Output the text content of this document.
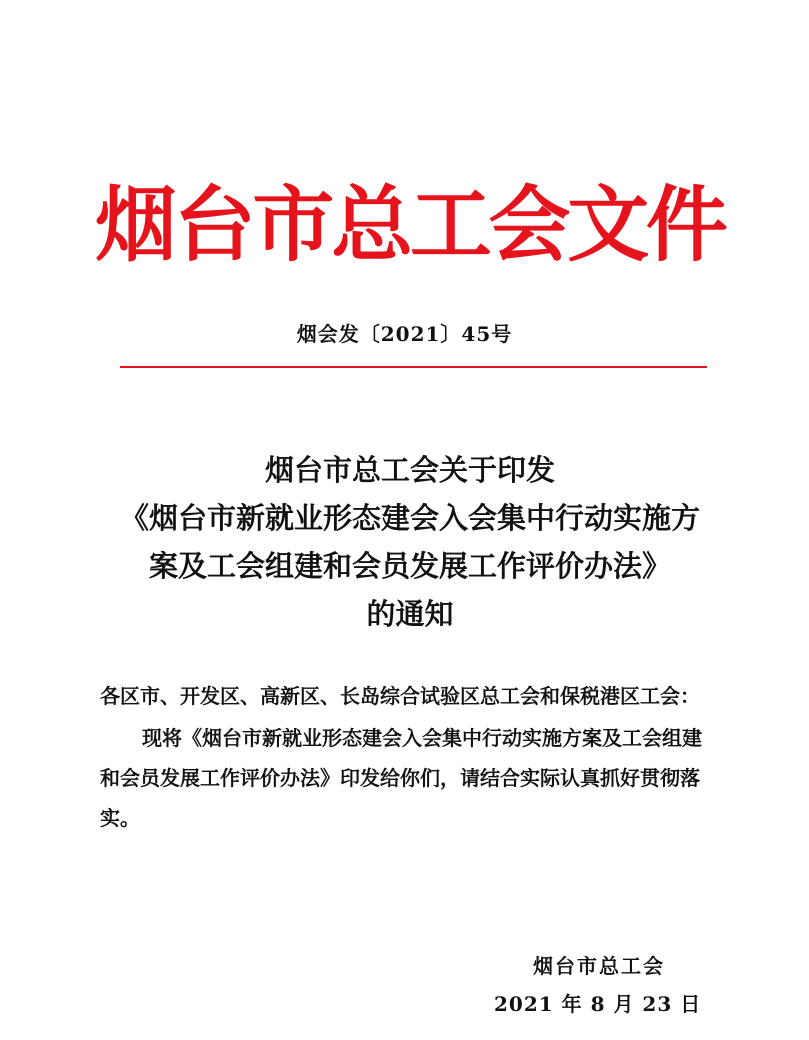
烟
台
市
总
工
会
文
件
烟会发〔2021〕45号
烟台市总工会关于印发
《烟台市新就业形态建会入会集中行动实施方
案及工会组建和会员发展工作评价办法》
的通知

各区市、开发区、高新区、长岛综合试验区总工会和保税港区工会：

现将《烟台市新就业形态建会入会集中行动实施方案及工会组建和会员发展工作评价办法》印发给你们，请结合实际认真抓好贯彻落实。

烟台市总工会
2021 年 8 月 23 日
